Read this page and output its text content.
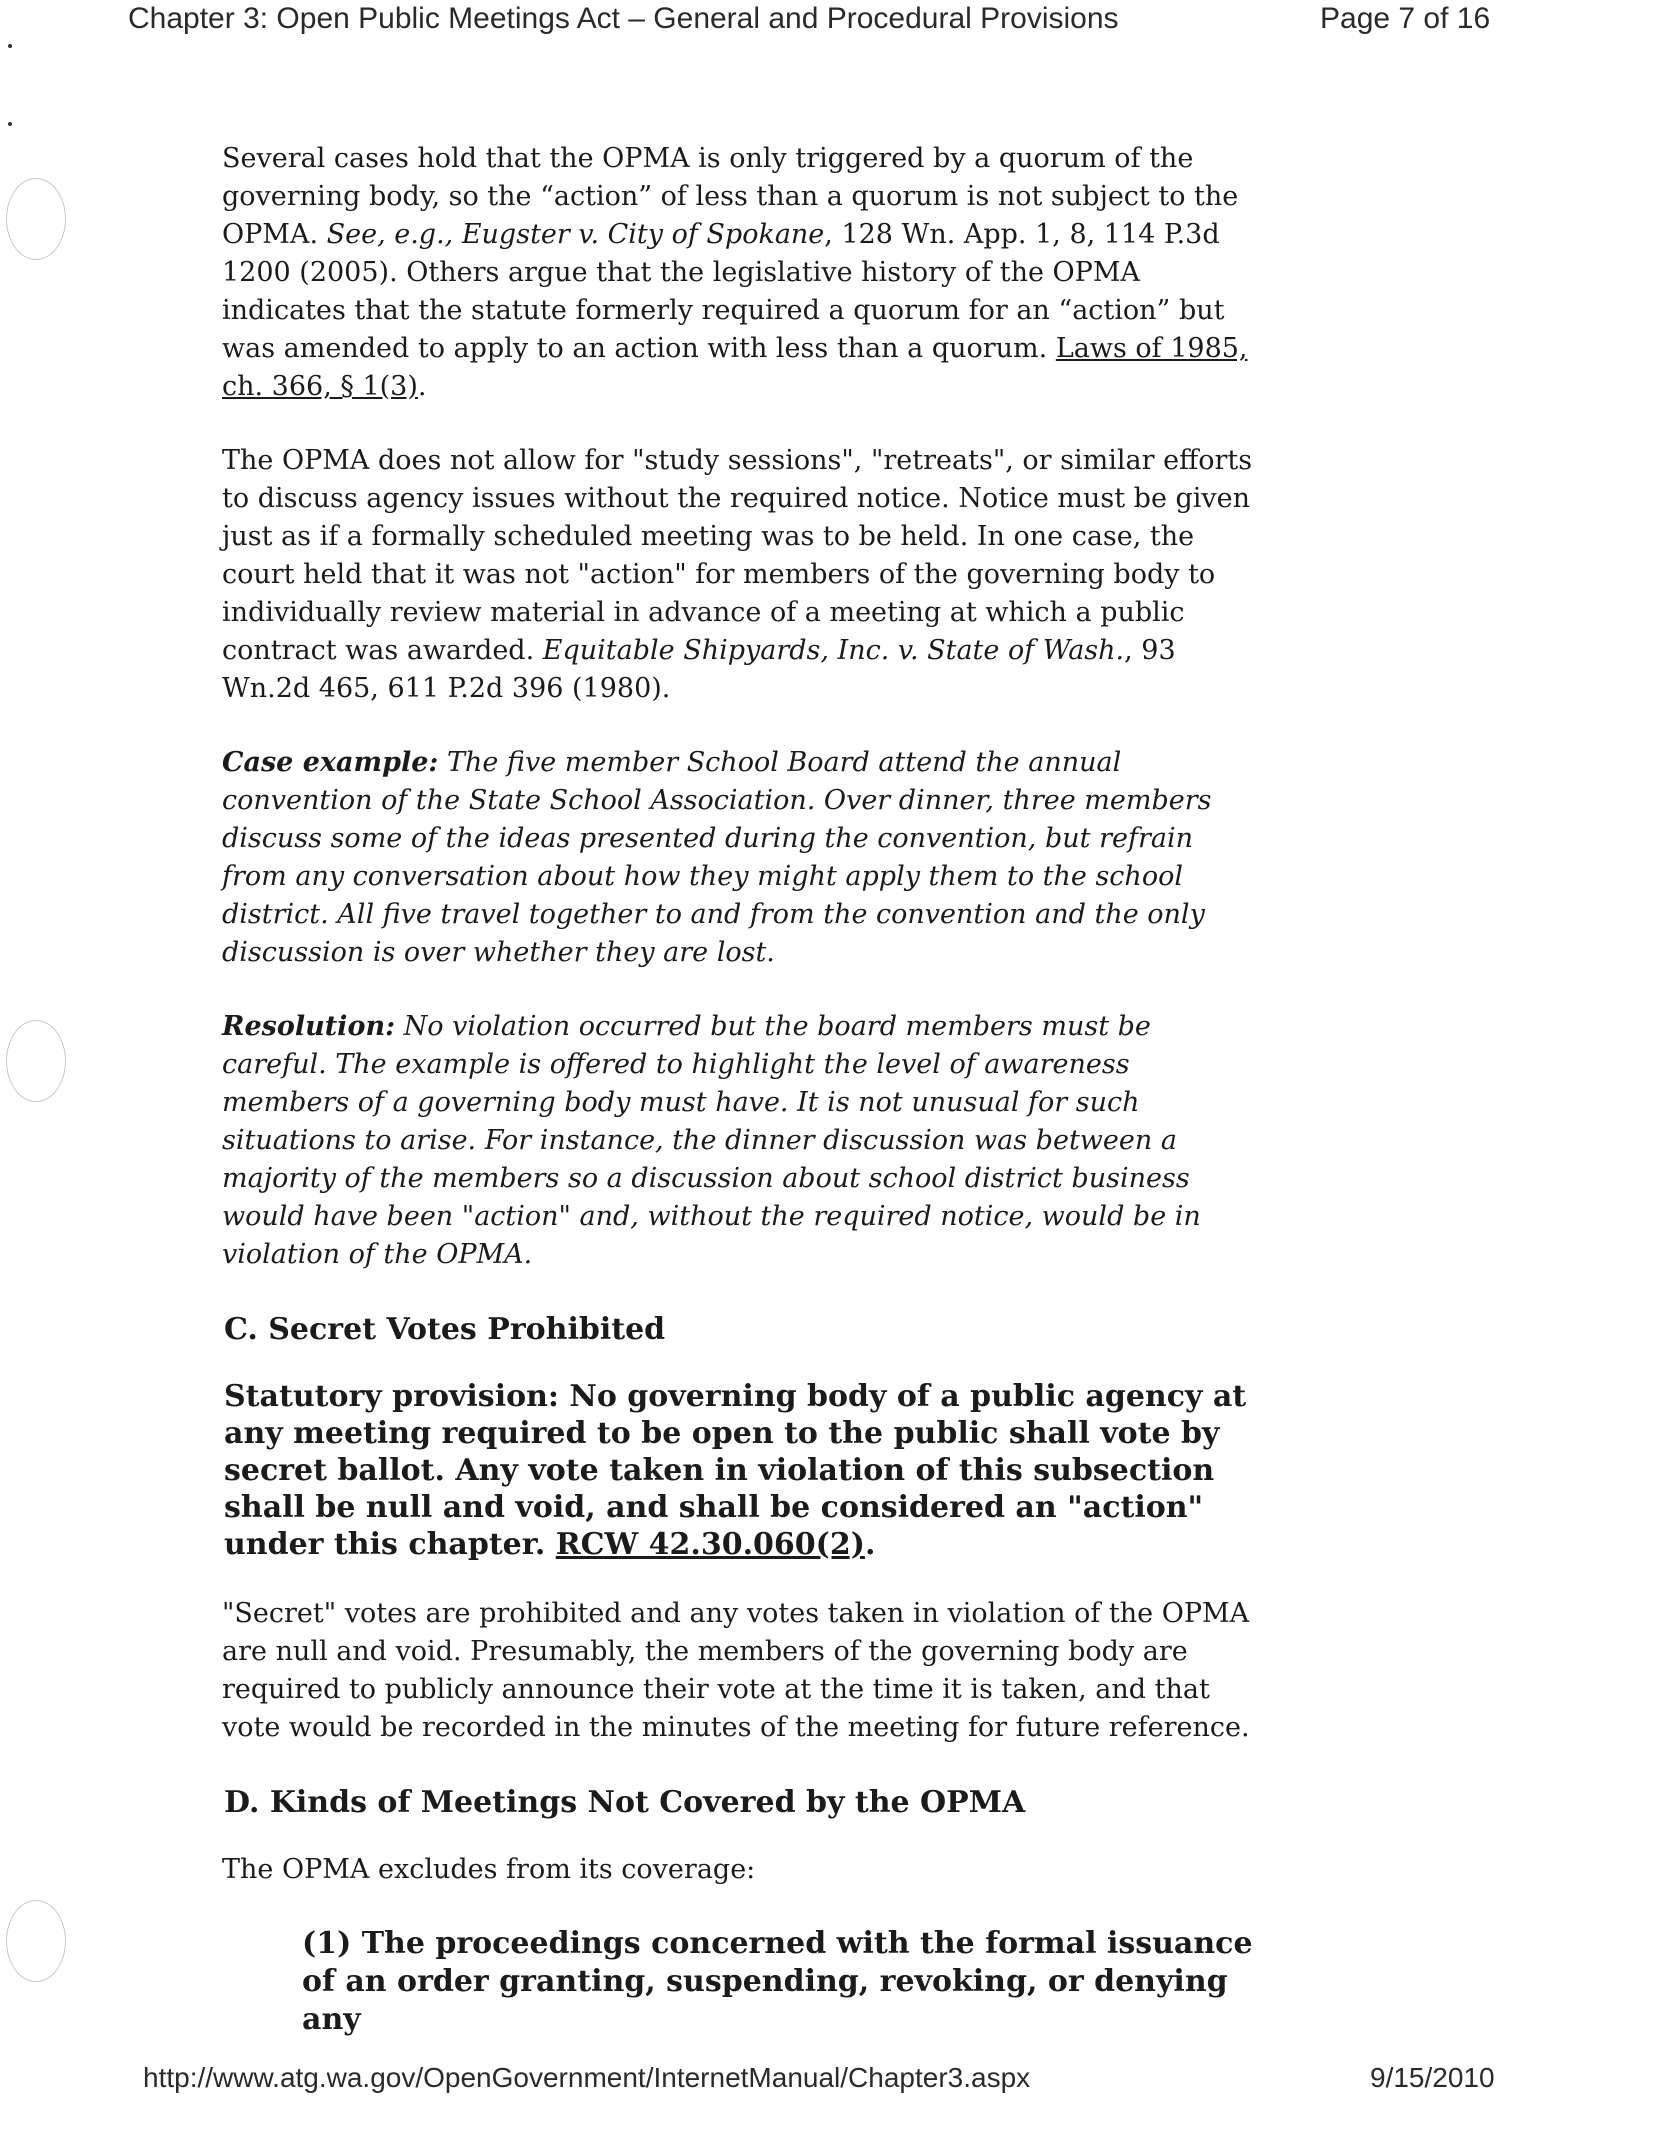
Chapter 3: Open Public Meetings Act – General and Procedural Provisions	Page 7 of 16

Several cases hold that the OPMA is only triggered by a quorum of the governing body, so the “action” of less than a quorum is not subject to the OPMA. See, e.g., Eugster v. City of Spokane, 128 Wn. App. 1, 8, 114 P.3d 1200 (2005). Others argue that the legislative history of the OPMA indicates that the statute formerly required a quorum for an “action” but was amended to apply to an action with less than a quorum. Laws of 1985, ch. 366, § 1(3).

The OPMA does not allow for "study sessions", "retreats", or similar efforts to discuss agency issues without the required notice. Notice must be given just as if a formally scheduled meeting was to be held. In one case, the court held that it was not "action" for members of the governing body to individually review material in advance of a meeting at which a public contract was awarded. Equitable Shipyards, Inc. v. State of Wash., 93 Wn.2d 465, 611 P.2d 396 (1980).

Case example: The five member School Board attend the annual convention of the State School Association. Over dinner, three members discuss some of the ideas presented during the convention, but refrain from any conversation about how they might apply them to the school district. All five travel together to and from the convention and the only discussion is over whether they are lost.

Resolution: No violation occurred but the board members must be careful. The example is offered to highlight the level of awareness members of a governing body must have. It is not unusual for such situations to arise. For instance, the dinner discussion was between a majority of the members so a discussion about school district business would have been "action" and, without the required notice, would be in violation of the OPMA.

C. Secret Votes Prohibited
Statutory provision: No governing body of a public agency at any meeting required to be open to the public shall vote by secret ballot. Any vote taken in violation of this subsection shall be null and void, and shall be considered an "action" under this chapter. RCW 42.30.060(2).

"Secret" votes are prohibited and any votes taken in violation of the OPMA are null and void. Presumably, the members of the governing body are required to publicly announce their vote at the time it is taken, and that vote would be recorded in the minutes of the meeting for future reference.

D. Kinds of Meetings Not Covered by the OPMA

The OPMA excludes from its coverage:

(1) The proceedings concerned with the formal issuance of an order granting, suspending, revoking, or denying any
http://www.atg.wa.gov/OpenGovernment/InternetManual/Chapter3.aspx	9/15/2010
